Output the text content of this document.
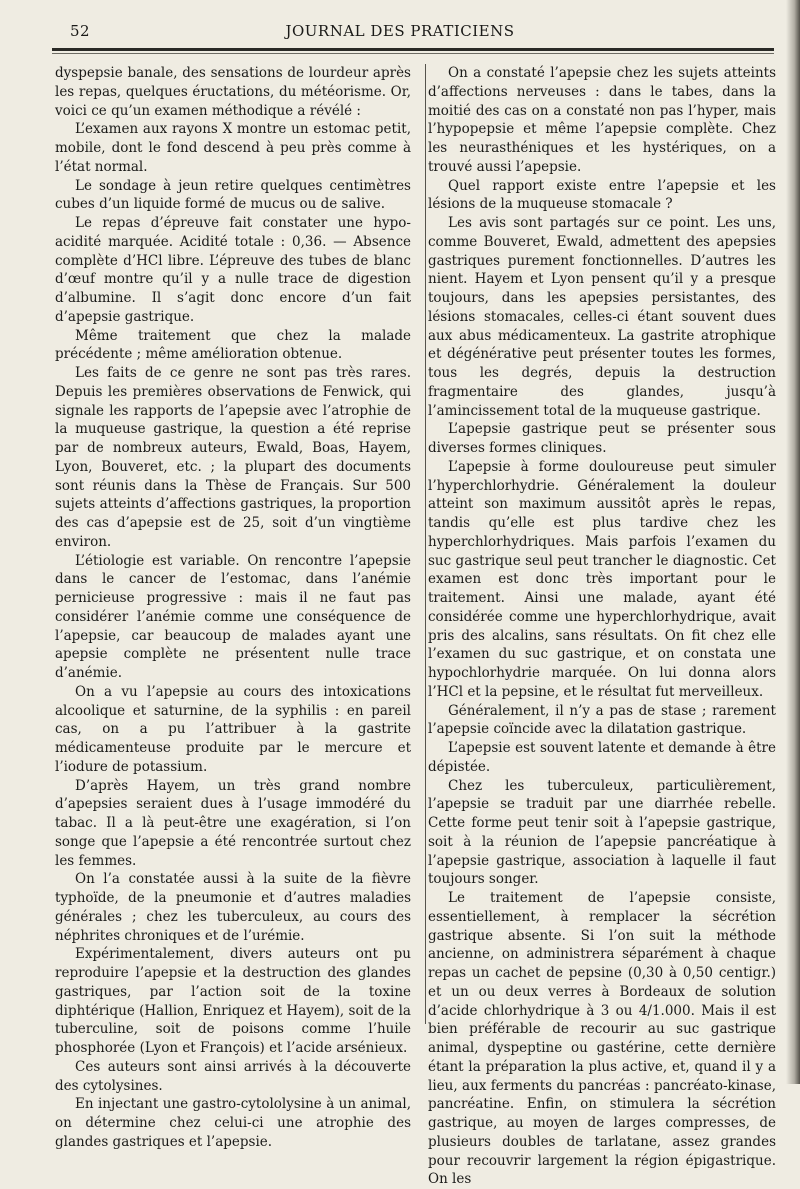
52	JOURNAL DES PRATICIENS

dyspepsie banale, des sensations de lourdeur après les repas, quelques éructations, du météorisme. Or, voici ce qu’un examen méthodique a révélé :

L’examen aux rayons X montre un estomac petit, mobile, dont le fond descend à peu près comme à l’état normal.

Le sondage à jeun retire quelques centimètres cubes d’un liquide formé de mucus ou de salive.

Le repas d’épreuve fait constater une hypo-acidité marquée. Acidité totale : 0,36. — Absence complète d’HCl libre. L’épreuve des tubes de blanc d’œuf montre qu’il y a nulle trace de digestion d’albumine. Il s’agit donc encore d’un fait d’apepsie gastrique.

Même traitement que chez la malade précédente ; même amélioration obtenue.

Les faits de ce genre ne sont pas très rares. Depuis les premières observations de Fenwick, qui signale les rapports de l’apepsie avec l’atrophie de la muqueuse gastrique, la question a été reprise par de nombreux auteurs, Ewald, Boas, Hayem, Lyon, Bouveret, etc. ; la plupart des documents sont réunis dans la Thèse de Français. Sur 500 sujets atteints d’affections gastriques, la proportion des cas d’apepsie est de 25, soit d’un vingtième environ.

L’étiologie est variable. On rencontre l’apepsie dans le cancer de l’estomac, dans l’anémie pernicieuse progressive : mais il ne faut pas considérer l’anémie comme une conséquence de l’apepsie, car beaucoup de malades ayant une apepsie complète ne présentent nulle trace d’anémie.

On a vu l’apepsie au cours des intoxications alcoolique et saturnine, de la syphilis : en pareil cas, on a pu l’attribuer à la gastrite médicamenteuse produite par le mercure et l’iodure de potassium.

D’après Hayem, un très grand nombre d’apepsies seraient dues à l’usage immodéré du tabac. Il a là peut-être une exagération, si l’on songe que l’apepsie a été rencontrée surtout chez les femmes.

On l’a constatée aussi à la suite de la fièvre typhoïde, de la pneumonie et d’autres maladies générales ; chez les tuberculeux, au cours des néphrites chroniques et de l’urémie.

Expérimentalement, divers auteurs ont pu reproduire l’apepsie et la destruction des glandes gastriques, par l’action soit de la toxine diphtérique (Hallion, Enriquez et Hayem), soit de la tuberculine, soit de poisons comme l’huile phosphorée (Lyon et François) et l’acide arsénieux.

Ces auteurs sont ainsi arrivés à la découverte des cytolysines.

En injectant une gastro-cytololysine à un animal, on détermine chez celui-ci une atrophie des glandes gastriques et l’apepsie.

On a constaté l’apepsie chez les sujets atteints d’affections nerveuses : dans le tabes, dans la moitié des cas on a constaté non pas l’hyper, mais l’hypopepsie et même l’apepsie complète. Chez les neurasthéniques et les hystériques, on a trouvé aussi l’apepsie.

Quel rapport existe entre l’apepsie et les lésions de la muqueuse stomacale ?

Les avis sont partagés sur ce point. Les uns, comme Bouveret, Ewald, admettent des apepsies gastriques purement fonctionnelles. D’autres les nient. Hayem et Lyon pensent qu’il y a presque toujours, dans les apepsies persistantes, des lésions stomacales, celles-ci étant souvent dues aux abus médicamenteux. La gastrite atrophique et dégénérative peut présenter toutes les formes, tous les degrés, depuis la destruction fragmentaire des glandes, jusqu’à l’amincissement total de la muqueuse gastrique.

L’apepsie gastrique peut se présenter sous diverses formes cliniques.

L’apepsie à forme douloureuse peut simuler l’hyperchlorhydrie. Généralement la douleur atteint son maximum aussitôt après le repas, tandis qu’elle est plus tardive chez les hyperchlorhydriques. Mais parfois l’examen du suc gastrique seul peut trancher le diagnostic. Cet examen est donc très important pour le traitement. Ainsi une malade, ayant été considérée comme une hyperchlorhydrique, avait pris des alcalins, sans résultats. On fit chez elle l’examen du suc gastrique, et on constata une hypochlorhydrie marquée. On lui donna alors l’HCl et la pepsine, et le résultat fut merveilleux.

Généralement, il n’y a pas de stase ; rarement l’apepsie coïncide avec la dilatation gastrique.

L’apepsie est souvent latente et demande à être dépistée.

Chez les tuberculeux, particulièrement, l’apepsie se traduit par une diarrhée rebelle. Cette forme peut tenir soit à l’apepsie gastrique, soit à la réunion de l’apepsie pancréatique à l’apepsie gastrique, association à laquelle il faut toujours songer.

Le traitement de l’apepsie consiste, essentiellement, à remplacer la sécrétion gastrique absente. Si l’on suit la méthode ancienne, on administrera séparément à chaque repas un cachet de pepsine (0,30 à 0,50 centigr.) et un ou deux verres à Bordeaux de solution d’acide chlorhydrique à 3 ou 4/1.000. Mais il est bien préférable de recourir au suc gastrique animal, dyspeptine ou gastérine, cette dernière étant la préparation la plus active, et, quand il y a lieu, aux ferments du pancréas : pancréato-kinase, pancréatine. Enfin, on stimulera la sécrétion gastrique, au moyen de larges compresses, de plusieurs doubles de tarlatane, assez grandes pour recouvrir largement la région épigastrique. On les
